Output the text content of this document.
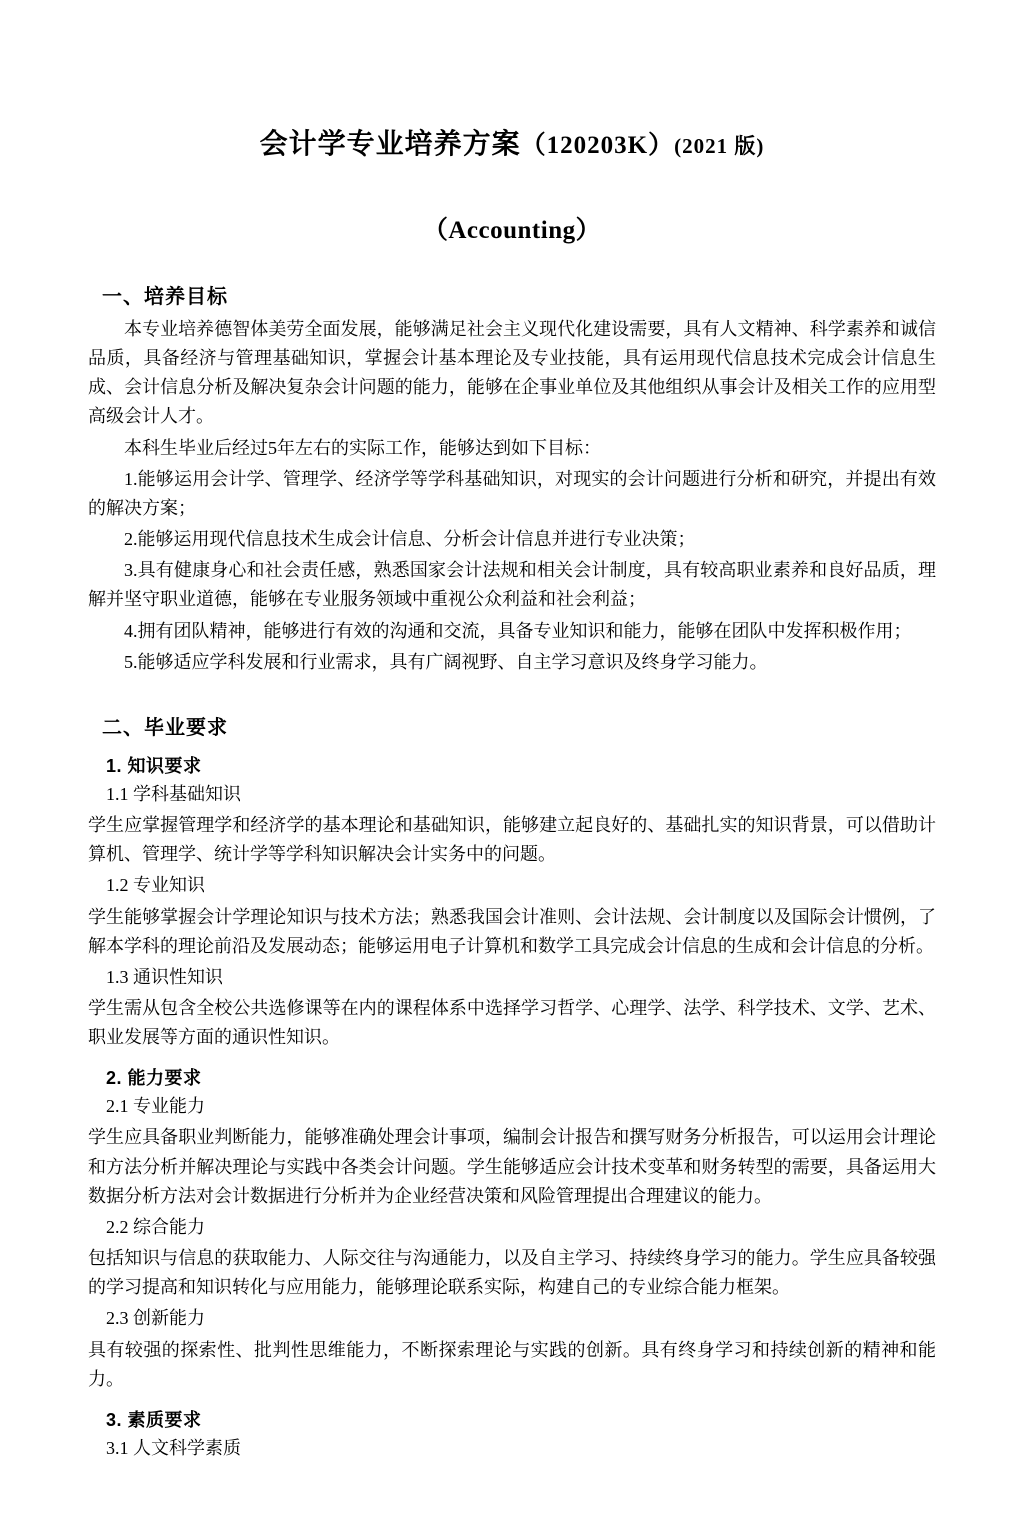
会计学专业培养方案（120203K）(2021 版)
（Accounting）
一、培养目标

本专业培养德智体美劳全面发展，能够满足社会主义现代化建设需要，具有人文精神、科学素养和诚信品质，具备经济与管理基础知识，掌握会计基本理论及专业技能，具有运用现代信息技术完成会计信息生成、会计信息分析及解决复杂会计问题的能力，能够在企事业单位及其他组织从事会计及相关工作的应用型高级会计人才。

本科生毕业后经过5年左右的实际工作，能够达到如下目标：

1.能够运用会计学、管理学、经济学等学科基础知识，对现实的会计问题进行分析和研究，并提出有效的解决方案；

2.能够运用现代信息技术生成会计信息、分析会计信息并进行专业决策；

3.具有健康身心和社会责任感，熟悉国家会计法规和相关会计制度，具有较高职业素养和良好品质，理解并坚守职业道德，能够在专业服务领域中重视公众利益和社会利益；

4.拥有团队精神，能够进行有效的沟通和交流，具备专业知识和能力，能够在团队中发挥积极作用；

5.能够适应学科发展和行业需求，具有广阔视野、自主学习意识及终身学习能力。

二、毕业要求
1. 知识要求

1.1 学科基础知识

学生应掌握管理学和经济学的基本理论和基础知识，能够建立起良好的、基础扎实的知识背景，可以借助计算机、管理学、统计学等学科知识解决会计实务中的问题。

1.2 专业知识

学生能够掌握会计学理论知识与技术方法；熟悉我国会计准则、会计法规、会计制度以及国际会计惯例，了解本学科的理论前沿及发展动态；能够运用电子计算机和数学工具完成会计信息的生成和会计信息的分析。

1.3 通识性知识

学生需从包含全校公共选修课等在内的课程体系中选择学习哲学、心理学、法学、科学技术、文学、艺术、职业发展等方面的通识性知识。

2. 能力要求

2.1 专业能力

学生应具备职业判断能力，能够准确处理会计事项，编制会计报告和撰写财务分析报告，可以运用会计理论和方法分析并解决理论与实践中各类会计问题。学生能够适应会计技术变革和财务转型的需要，具备运用大数据分析方法对会计数据进行分析并为企业经营决策和风险管理提出合理建议的能力。

2.2 综合能力

包括知识与信息的获取能力、人际交往与沟通能力，以及自主学习、持续终身学习的能力。学生应具备较强的学习提高和知识转化与应用能力，能够理论联系实际，构建自己的专业综合能力框架。

2.3 创新能力

具有较强的探索性、批判性思维能力，不断探索理论与实践的创新。具有终身学习和持续创新的精神和能力。

3. 素质要求

3.1 人文科学素质
